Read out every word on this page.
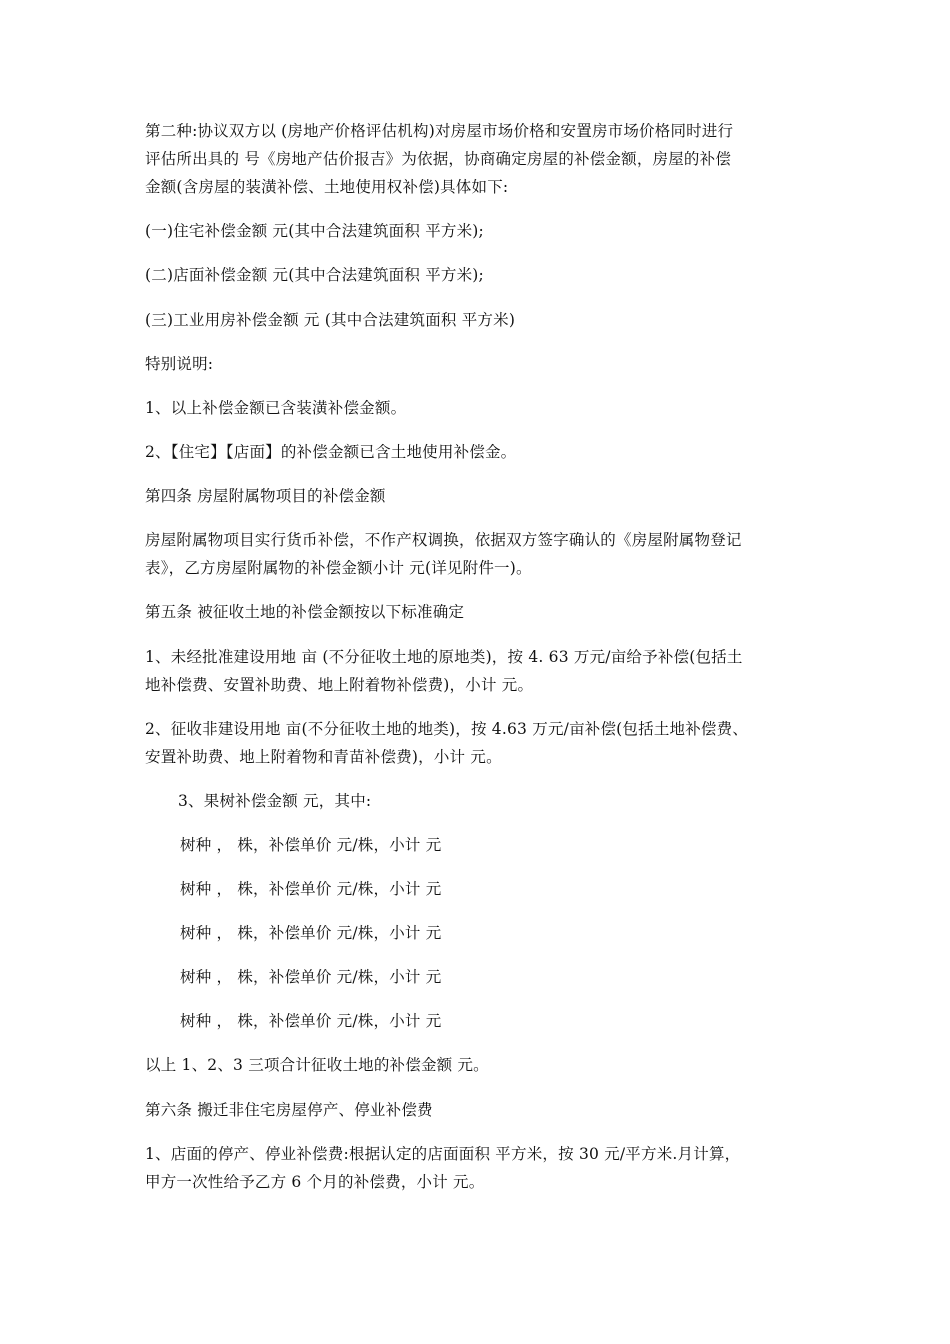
第二种:协议双方以 (房地产价格评估机构)对房屋市场价格和安置房市场价格同时进行
评估所出具的 号《房地产估价报吉》为依据，协商确定房屋的补偿金额，房屋的补偿
金额(含房屋的装潢补偿、土地使用权补偿)具体如下:
(一)住宅补偿金额 元(其中合法建筑面积 平方米);
(二)店面补偿金额 元(其中合法建筑面积 平方米);
(三)工业用房补偿金额 元 (其中合法建筑面积 平方米)
特别说明:
1、以上补偿金额已含装潢补偿金额。
2、【住宅】【店面】的补偿金额已含土地使用补偿金。
第四条 房屋附属物项目的补偿金额
房屋附属物项目实行货币补偿，不作产权调换，依据双方签字确认的《房屋附属物登记
表》，乙方房屋附属物的补偿金额小计 元(详见附件一)。
第五条 被征收土地的补偿金额按以下标准确定
1、未经批准建设用地 亩 (不分征收土地的原地类)，按 4. 63 万元/亩给予补偿(包括土
地补偿费、安置补助费、地上附着物补偿费)，小计 元。
2、征收非建设用地 亩(不分征收土地的地类)，按 4.63 万元/亩补偿(包括土地补偿费、
安置补助费、地上附着物和青苗补偿费)，小计 元。
3、果树补偿金额 元，其中:
树种 ， 株，补偿单价 元/株，小计 元
树种 ， 株，补偿单价 元/株，小计 元
树种 ， 株，补偿单价 元/株，小计 元
树种 ， 株，补偿单价 元/株，小计 元
树种 ， 株，补偿单价 元/株，小计 元
以上 1、2、3 三项合计征收土地的补偿金额 元。
第六条 搬迁非住宅房屋停产、停业补偿费
1、店面的停产、停业补偿费:根据认定的店面面积 平方米，按 30 元/平方米.月计算，
甲方一次性给予乙方 6 个月的补偿费，小计 元。
